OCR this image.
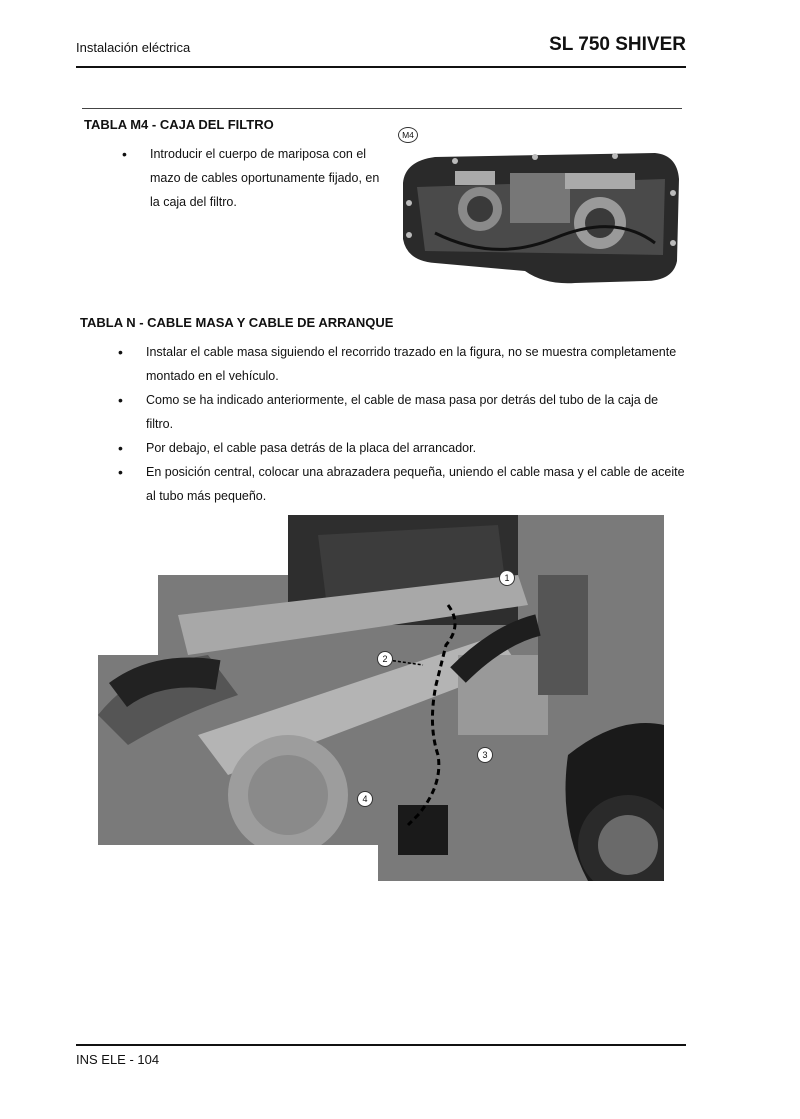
Instalación eléctrica	SL 750 SHIVER
TABLA M4 - CAJA DEL FILTRO
• Introducir el cuerpo de mariposa con el mazo de cables oportunamente fijado, en la caja del filtro.
M4
TABLA N - CABLE MASA Y CABLE DE ARRANQUE
• Instalar el cable masa siguiendo el recorrido trazado en la figura, no se muestra completamente montado en el vehículo.
• Como se ha indicado anteriormente, el cable de masa pasa por detrás del tubo de la caja de filtro.
• Por debajo, el cable pasa detrás de la placa del arrancador.
• En posición central, colocar una abrazadera pequeña, uniendo el cable masa y el cable de aceite al tubo más pequeño.
1
2
3
4
INS ELE - 104
